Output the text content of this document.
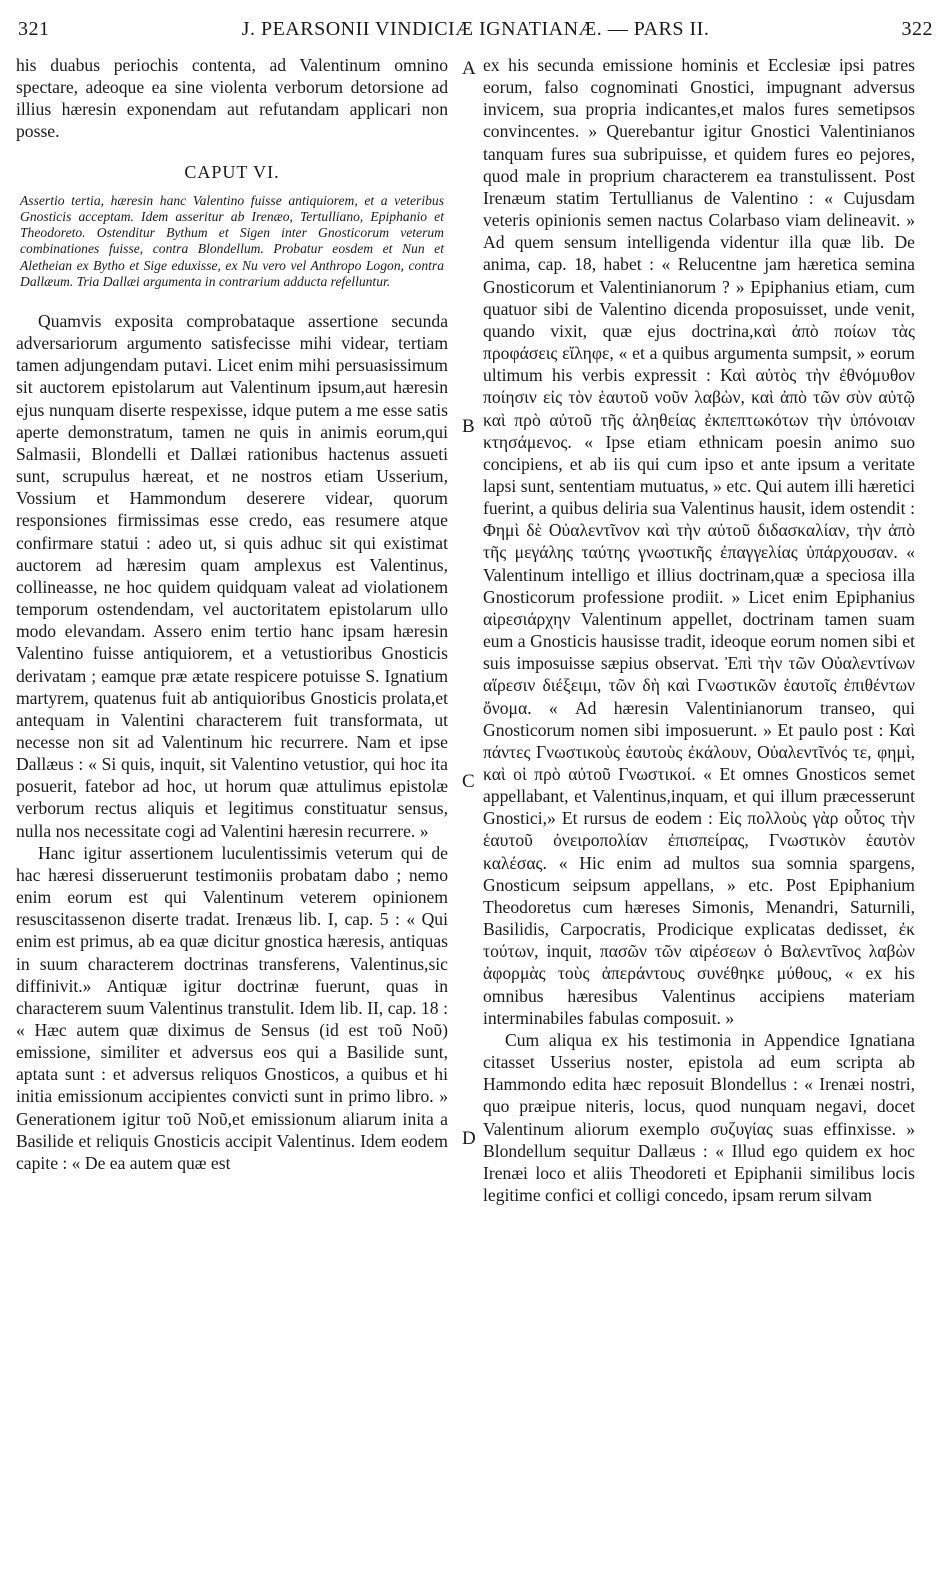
321	J. PEARSONII VINDICIÆ IGNATIANÆ. — PARS II.	322
A
B
C
D

his duabus periochis contenta, ad Valentinum omnino spectare, adeoque ea sine violenta verborum detorsione ad illius hæresin exponendam aut refutandam applicari non posse.

CAPUT VI.
Assertio tertia, hæresin hanc Valentino fuisse antiquiorem, et a veteribus Gnosticis acceptam. Idem asseritur ab Irenæo, Tertulliano, Epiphanio et Theodoreto. Ostenditur Bythum et Sigen inter Gnosticorum veterum combinationes fuisse, contra Blondellum. Probatur eosdem et Nun et Aletheian ex Bytho et Sige eduxisse, ex Nu vero vel Anthropo Logon, contra Dallæum. Tria Dallæi argumenta in contrarium adducta refelluntur.

Quamvis exposita comprobataque assertione secunda adversariorum argumento satisfecisse mihi videar, tertiam tamen adjungendam putavi. Licet enim mihi persuasissimum sit auctorem epistolarum aut Valentinum ipsum,aut hæresin ejus nunquam diserte respexisse, idque putem a me esse satis aperte demonstratum, tamen ne quis in animis eorum,qui Salmasii, Blondelli et Dallæi rationibus hactenus assueti sunt, scrupulus hæreat, et ne nostros etiam Usserium, Vossium et Hammondum deserere videar, quorum responsiones firmissimas esse credo, eas resumere atque confirmare statui : adeo ut, si quis adhuc sit qui existimat auctorem ad hæresim quam amplexus est Valentinus, collineasse, ne hoc quidem quidquam valeat ad violationem temporum ostendendam, vel auctoritatem epistolarum ullo modo elevandam. Assero enim tertio hanc ipsam hæresin Valentino fuisse antiquiorem, et a vetustioribus Gnosticis derivatam ; eamque præ ætate respicere potuisse S. Ignatium martyrem, quatenus fuit ab antiquioribus Gnosticis prolata,et antequam in Valentini characterem fuit transformata, ut necesse non sit ad Valentinum hic recurrere. Nam et ipse Dallæus : « Si quis, inquit, sit Valentino vetustior, qui hoc ita posuerit, fatebor ad hoc, ut horum quæ attulimus epistolæ verborum rectus aliquis et legitimus constituatur sensus, nulla nos necessitate cogi ad Valentini hæresin recurrere. »

Hanc igitur assertionem luculentissimis veterum qui de hac hæresi disseruerunt testimoniis probatam dabo ; nemo enim eorum est qui Valentinum veterem opinionem resuscitassenon diserte tradat. Irenæus lib. I, cap. 5 : « Qui enim est primus, ab ea quæ dicitur gnostica hæresis, antiquas in suum characterem doctrinas transferens, Valentinus,sic diffinivit.» Antiquæ igitur doctrinæ fuerunt, quas in characterem suum Valentinus transtulit. Idem lib. II, cap. 18 : « Hæc autem quæ diximus de Sensus (id est τοῦ Νοῦ) emissione, similiter et adversus eos qui a Basilide sunt, aptata sunt : et adversus reliquos Gnosticos, a quibus et hi initia emissionum accipientes convicti sunt in primo libro. » Generationem igitur τοῦ Νοῦ,et emissionum aliarum inita a Basilide et reliquis Gnosticis accipit Valentinus. Idem eodem capite : « De ea autem quæ est

ex his secunda emissione hominis et Ecclesiæ ipsi patres eorum, falso cognominati Gnostici, impugnant adversus invicem, sua propria indicantes,et malos fures semetipsos convincentes. » Querebantur igitur Gnostici Valentinianos tanquam fures sua subripuisse, et quidem fures eo pejores, quod male in proprium characterem ea transtulissent. Post Irenæum statim Tertullianus de Valentino : « Cujusdam veteris opinionis semen nactus Colarbaso viam delineavit. » Ad quem sensum intelligenda videntur illa quæ lib. De anima, cap. 18, habet : « Relucentne jam hæretica semina Gnosticorum et Valentinianorum ? » Epiphanius etiam, cum quatuor sibi de Valentino dicenda proposuisset, unde venit, quando vixit, quæ ejus doctrina,καὶ ἀπὸ ποίων τὰς προφάσεις εἴληφε, « et a quibus argumenta sumpsit, » eorum ultimum his verbis expressit : Καὶ αὐτὸς τὴν ἐθνόμυθον ποίησιν εἰς τὸν ἑαυτοῦ νοῦν λαβὼν, καὶ ἀπὸ τῶν σὺν αὐτῷ καὶ πρὸ αὐτοῦ τῆς ἀληθείας ἐκπεπτωκότων τὴν ὑπόνοιαν κτησάμενος. « Ipse etiam ethnicam poesin animo suo concipiens, et ab iis qui cum ipso et ante ipsum a veritate lapsi sunt, sententiam mutuatus, » etc. Qui autem illi hæretici fuerint, a quibus deliria sua Valentinus hausit, idem ostendit : Φημὶ δὲ Οὐαλεντῖνον καὶ τὴν αὐτοῦ διδασκαλίαν, τὴν ἀπὸ τῆς μεγάλης ταύτης γνωστικῆς ἐπαγγελίας ὑπάρχουσαν. « Valentinum intelligo et illius doctrinam,quæ a speciosa illa Gnosticorum professione prodiit. » Licet enim Epiphanius αἱρεσιάρχην Valentinum appellet, doctrinam tamen suam eum a Gnosticis hausisse tradit, ideoque eorum nomen sibi et suis imposuisse sæpius observat. Ἐπὶ τὴν τῶν Οὐαλεντίνων αἵρεσιν διέξειμι, τῶν δὴ καὶ Γνωστικῶν ἑαυτοῖς ἐπιθέντων ὄνομα. « Ad hæresin Valentinianorum transeo, qui Gnosticorum nomen sibi imposuerunt. » Et paulo post : Καὶ πάντες Γνωστικοὺς ἑαυτοὺς ἐκάλουν, Οὐαλεντῖνός τε, φημὶ, καὶ οἱ πρὸ αὐτοῦ Γνωστικοί. « Et omnes Gnosticos semet appellabant, et Valentinus,inquam, et qui illum præcesserunt Gnostici,» Et rursus de eodem : Εἰς πολλοὺς γὰρ οὗτος τὴν ἑαυτοῦ ὀνειροπολίαν ἐπισπείρας, Γνωστικὸν ἑαυτὸν καλέσας. « Hic enim ad multos sua somnia spargens, Gnosticum seipsum appellans, » etc. Post Epiphanium Theodoretus cum hæreses Simonis, Menandri, Saturnili, Basilidis, Carpocratis, Prodicique explicatas dedisset, ἐκ τούτων, inquit, πασῶν τῶν αἱρέσεων ὁ Βαλεντῖνος λαβὼν ἀφορμὰς τοὺς ἀπεράντους συνέθηκε μύθους, « ex his omnibus hæresibus Valentinus accipiens materiam interminabiles fabulas composuit. »

Cum aliqua ex his testimonia in Appendice Ignatiana citasset Usserius noster, epistola ad eum scripta ab Hammondo edita hæc reposuit Blondellus : « Irenæi nostri, quo præipue niteris, locus, quod nunquam negavi, docet Valentinum aliorum exemplo συζυγίας suas effinxisse. » Blondellum sequitur Dallæus : « Illud ego quidem ex hoc Irenæi loco et aliis Theodoreti et Epiphanii similibus locis legitime confici et colligi concedo, ipsam rerum silvam
